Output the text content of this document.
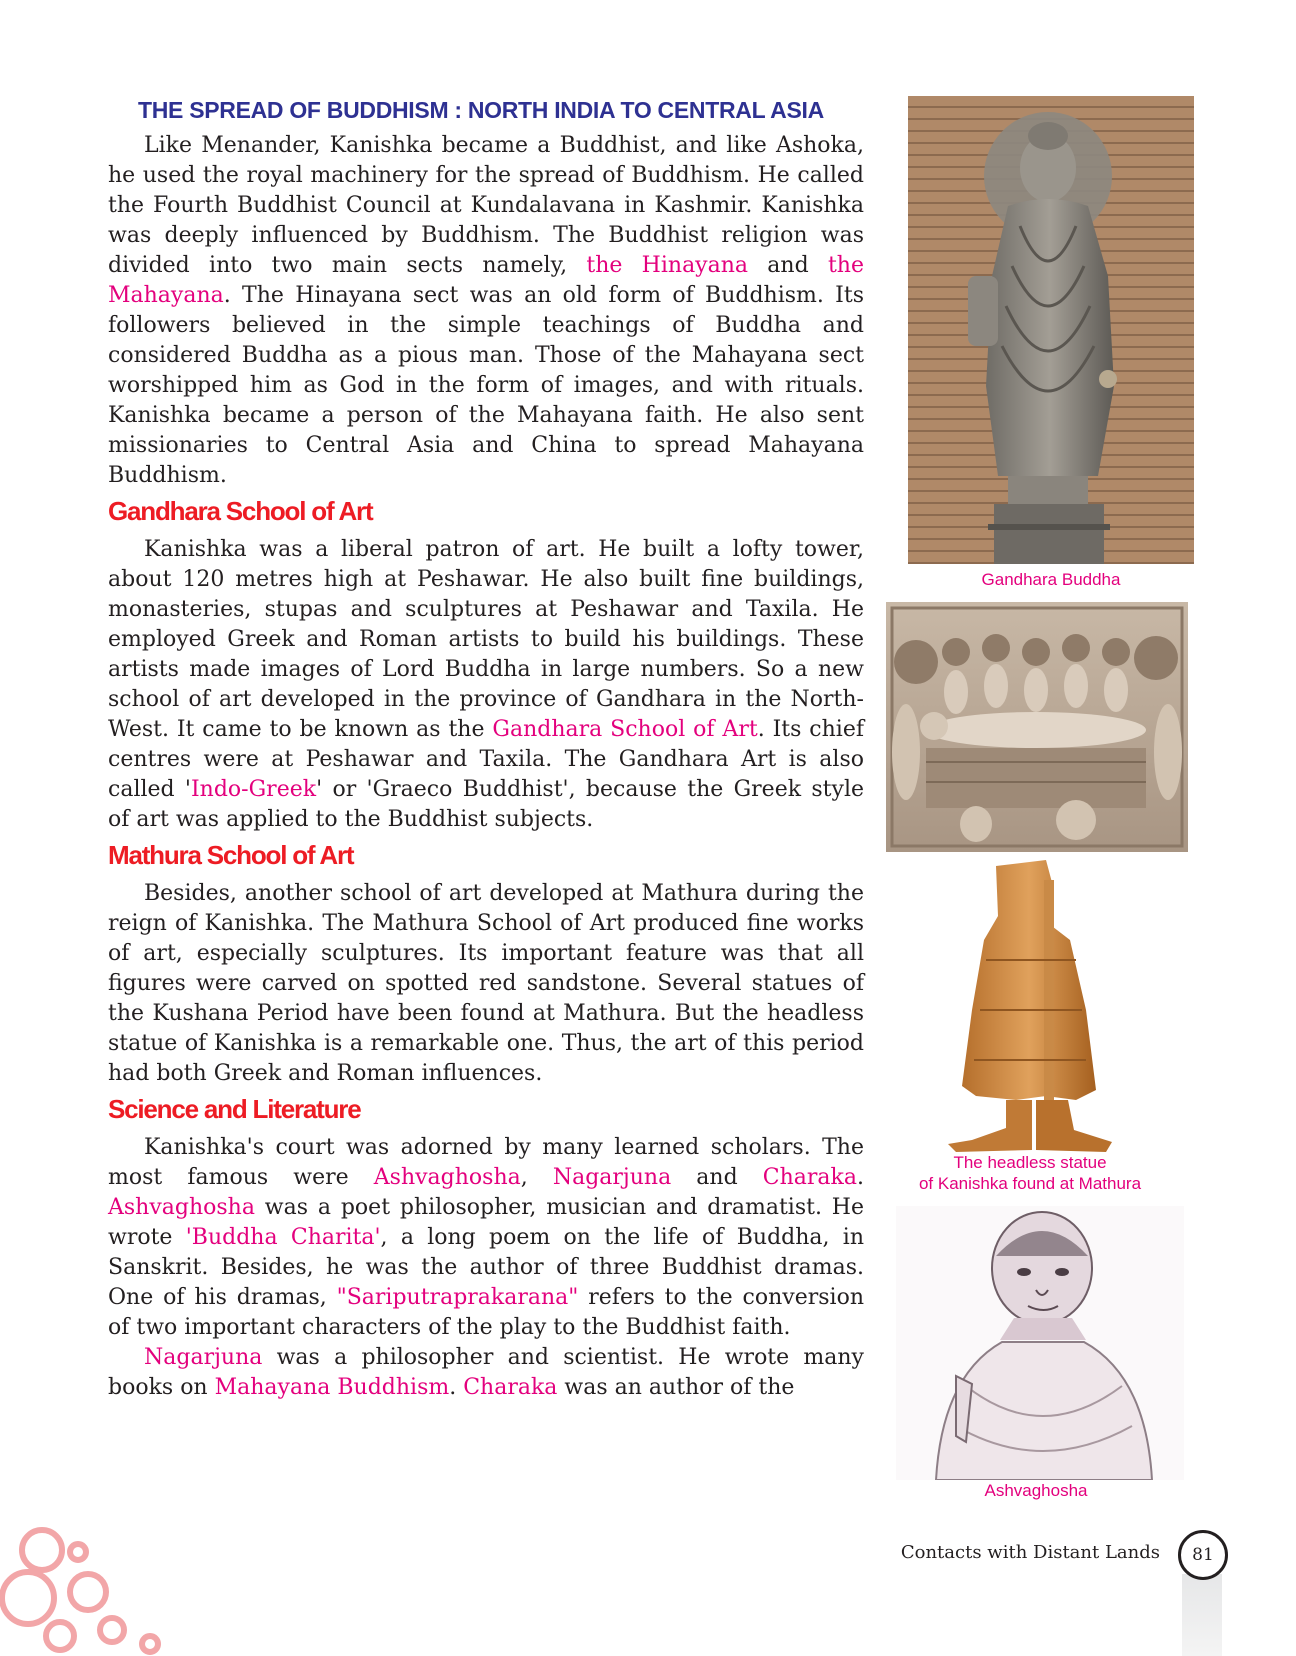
THE SPREAD OF BUDDHISM : NORTH INDIA TO CENTRAL ASIA

Like Menander, Kanishka became a Buddhist, and like Ashoka, he used the royal machinery for the spread of Buddhism. He called the Fourth Buddhist Council at Kundalavana in Kashmir. Kanishka was deeply influenced by Buddhism. The Buddhist religion was divided into two main sects namely, the Hinayana and the Mahayana. The Hinayana sect was an old form of Buddhism. Its followers believed in the simple teachings of Buddha and considered Buddha as a pious man. Those of the Mahayana sect worshipped him as God in the form of images, and with rituals. Kanishka became a person of the Mahayana faith. He also sent missionaries to Central Asia and China to spread Mahayana Buddhism.

Gandhara School of Art

Kanishka was a liberal patron of art. He built a lofty tower, about 120 metres high at Peshawar. He also built fine buildings, monasteries, stupas and sculptures at Peshawar and Taxila. He employed Greek and Roman artists to build his buildings. These artists made images of Lord Buddha in large numbers. So a new school of art developed in the province of Gandhara in the North-West. It came to be known as the Gandhara School of Art. Its chief centres were at Peshawar and Taxila. The Gandhara Art is also called 'Indo-Greek' or 'Graeco Buddhist', because the Greek style of art was applied to the Buddhist subjects.

Mathura School of Art

Besides, another school of art developed at Mathura during the reign of Kanishka. The Mathura School of Art produced fine works of art, especially sculptures. Its important feature was that all figures were carved on spotted red sandstone. Several statues of the Kushana Period have been found at Mathura. But the headless statue of Kanishka is a remarkable one. Thus, the art of this period had both Greek and Roman influences.

Science and Literature

Kanishka's court was adorned by many learned scholars. The most famous were Ashvaghosha, Nagarjuna and Charaka. Ashvaghosha was a poet philosopher, musician and dramatist. He wrote 'Buddha Charita', a long poem on the life of Buddha, in Sanskrit. Besides, he was the author of three Buddhist dramas. One of his dramas, "Sariputraprakarana" refers to the conversion of two important characters of the play to the Buddhist faith.

Nagarjuna was a philosopher and scientist. He wrote many books on Mahayana Buddhism. Charaka was an author of the

Gandhara Buddha
The headless statue
of Kanishka found at Mathura
Ashvaghosha
Contacts with Distant Lands	81
